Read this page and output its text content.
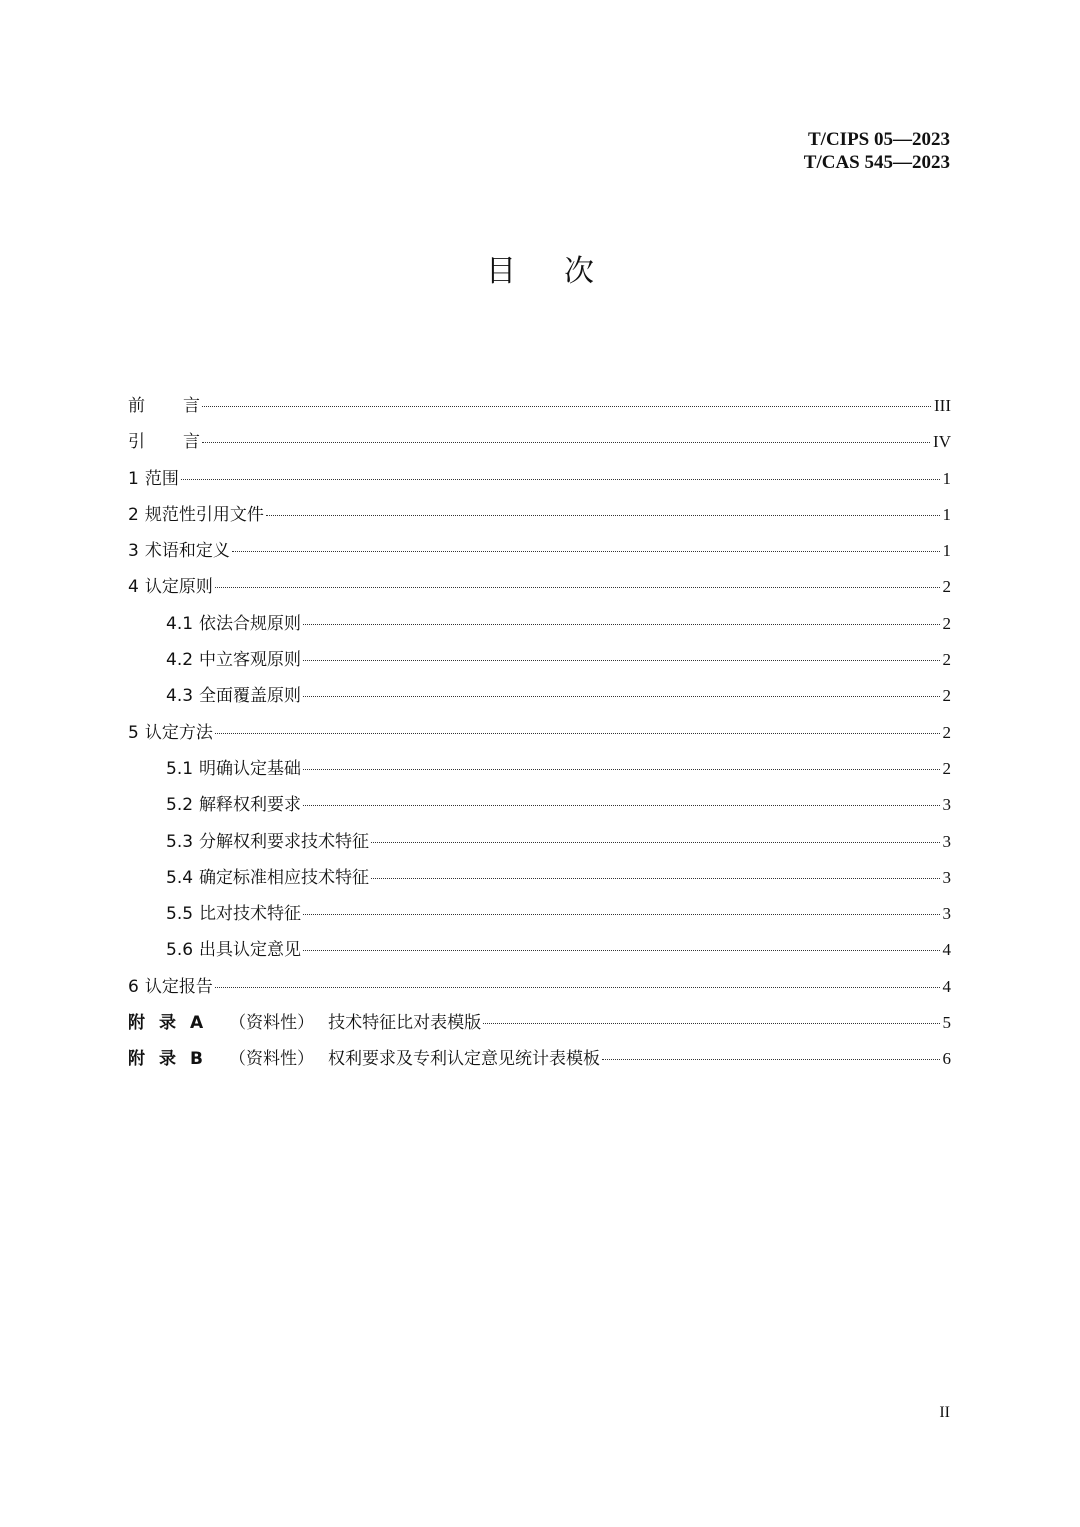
T/CIPS 05—2023
T/CAS 545—2023
目 次
前言	III
引言	IV
1 范围	1
2 规范性引用文件	1
3 术语和定义	1
4 认定原则	2
4.1 依法合规原则	2
4.2 中立客观原则	2
4.3 全面覆盖原则	2
5 认定方法	2
5.1 明确认定基础	2
5.2 解释权利要求	3
5.3 分解权利要求技术特征	3
5.4 确定标准相应技术特征	3
5.5 比对技术特征	3
5.6 出具认定意见	4
6 认定报告	4
附录A （资料性） 技术特征比对表模版	5
附录B （资料性） 权利要求及专利认定意见统计表模板	6
II
